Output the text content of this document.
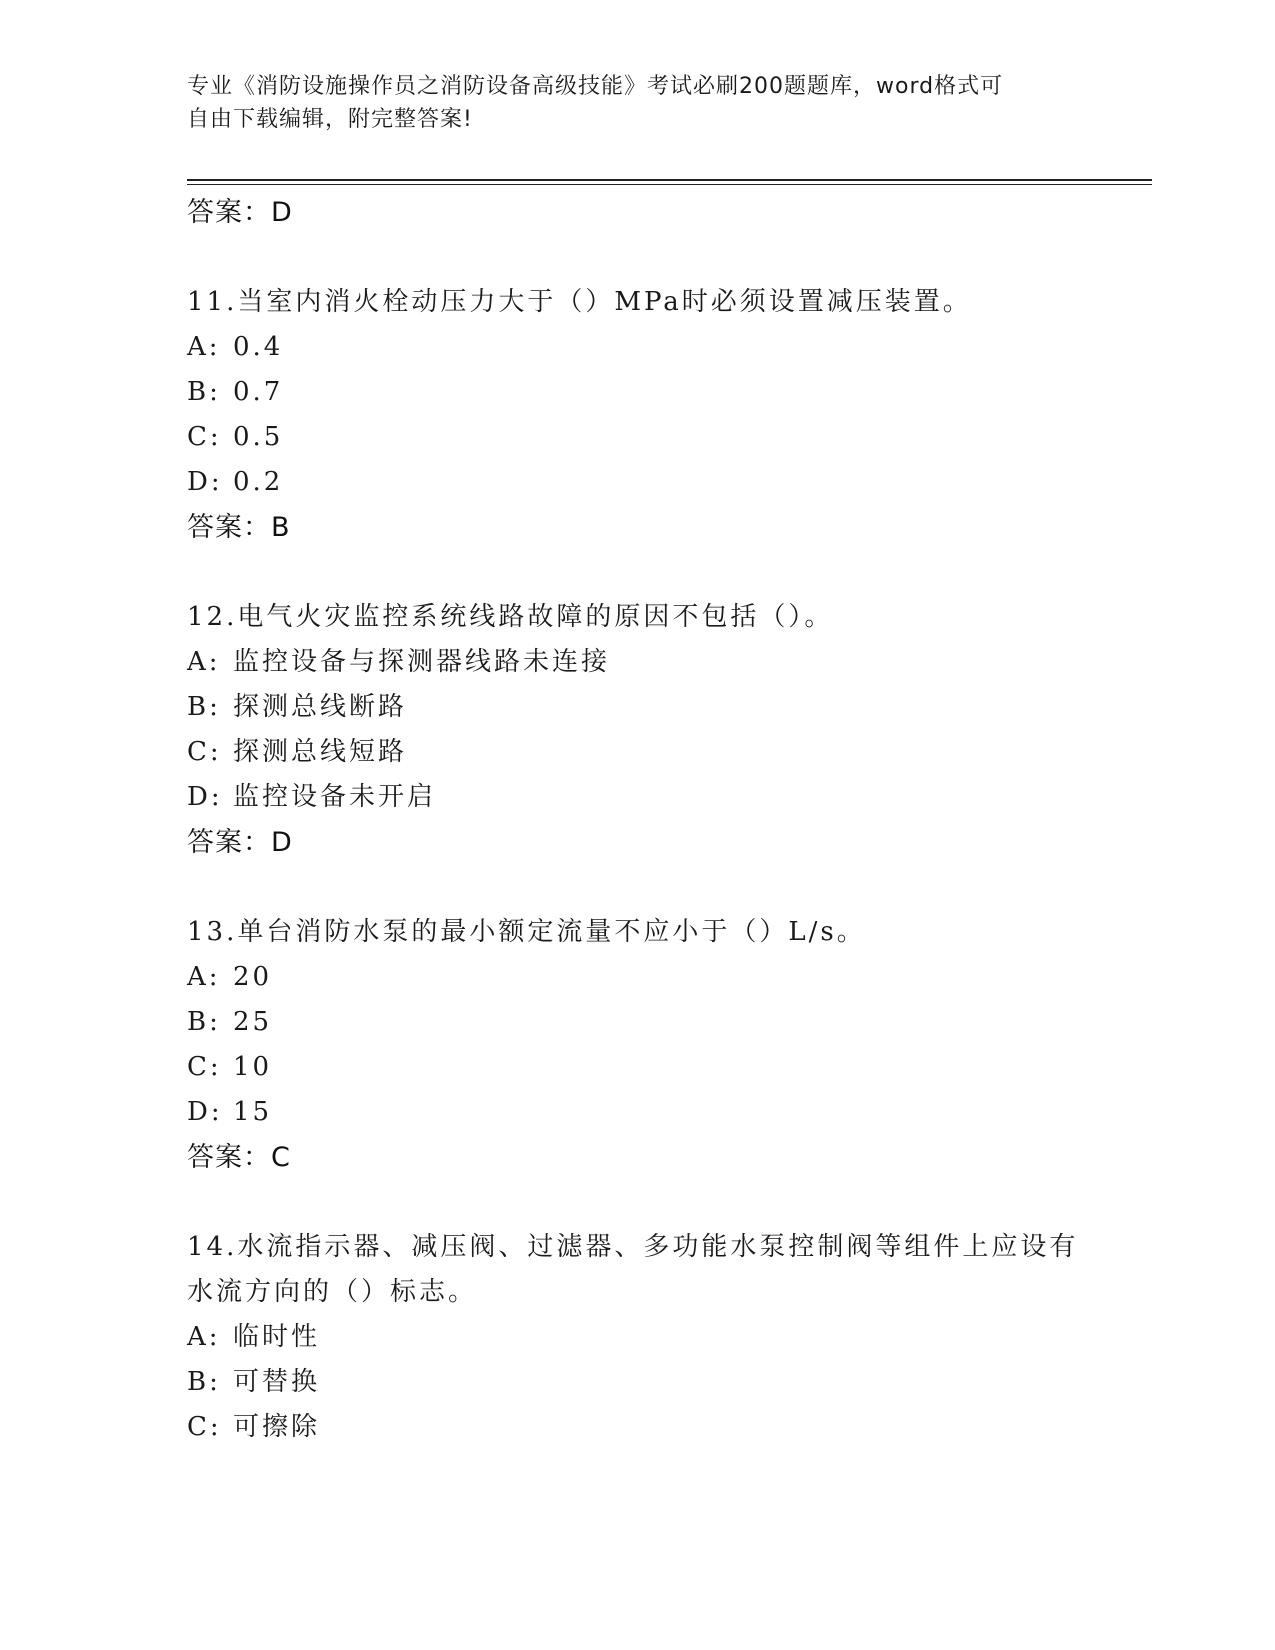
专业《消防设施操作员之消防设备高级技能》考试必刷200题题库，word格式可
自由下载编辑，附完整答案!
答案：D
11.当室内消火栓动压力大于（）MPa时必须设置减压装置。
A: 0.4
B: 0.7
C: 0.5
D: 0.2
答案：B
12.电气火灾监控系统线路故障的原因不包括（）。
A: 监控设备与探测器线路未连接
B: 探测总线断路
C: 探测总线短路
D: 监控设备未开启
答案：D
13.单台消防水泵的最小额定流量不应小于（）L/s。
A: 20
B: 25
C: 10
D: 15
答案：C
14.水流指示器、减压阀、过滤器、多功能水泵控制阀等组件上应设有
水流方向的（）标志。
A: 临时性
B: 可替换
C: 可擦除
